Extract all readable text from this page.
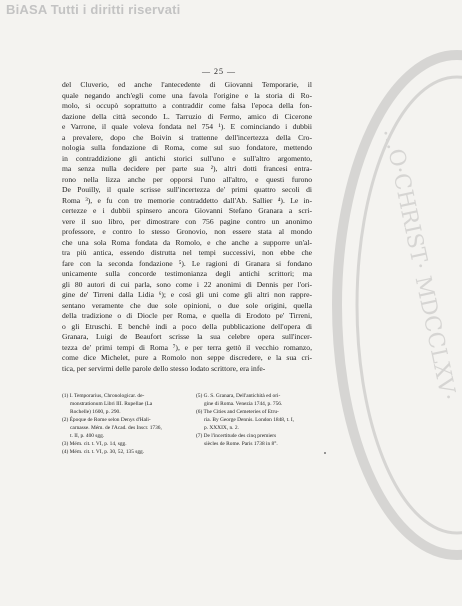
BiASA Tutti i diritti riservati
...O·CHRIST· MDCCLXV·
— 25 —
del Cluverio, ed anche l'antecedente di Giovanni Temporarie, il
quale negando anch'egli come una favola l'origine e la storia di Ro-
molo, si occupò soprattutto a contraddir come falsa l'epoca della fon-
dazione della città secondo L. Tarruzio di Fermo, amico di Cicerone
e Varrone, il quale voleva fondata nel 754 ¹). E cominciando i dubbii
a prevalere, dopo che Boivin si trattenne dell'incertezza della Cro-
nologia sulla fondazione di Roma, come sul suo fondatore, mettendo
in contraddizione gli antichi storici sull'uno e sull'altro argomento,
ma senza nulla decidere per parte sua ²), altri dotti francesi entra-
rono nella lizza anche per opporsi l'uno all'altro, e questi furono
De Pouilly, il quale scrisse sull'incertezza de' primi quattro secoli di
Roma ³), e fu con tre memorie contraddetto dall'Ab. Sallier ⁴). Le in-
certezze e i dubbii spinsero ancora Giovanni Stefano Granara a scri-
vere il suo libro, per dimostrare con 756 pagine contro un anonimo
professore, e contro lo stesso Gronovio, non essere stata al mondo
che una sola Roma fondata da Romolo, e che anche a supporre un'al-
tra più antica, essendo distrutta nel tempi successivi, non ebbe che
fare con la seconda fondazione ⁵). Le ragioni di Granara si fondano
unicamente sulla concorde testimonianza degli antichi scrittori; ma
gli 80 autori di cui parla, sono come i 22 anonimi di Dennis per l'ori-
gine de' Tirreni dalla Lidia ⁶); e così gli uni come gli altri non rappre-
sentano veramente che due sole opinioni, o due sole origini, quella
della tradizione o di Diocle per Roma, e quella di Erodoto pe' Tirreni,
o gli Etruschi. E benchè indi a poco della pubblicazione dell'opera di
Granara, Luigi de Beaufort scrisse la sua celebre opera sull'incer-
tezza de' primi tempi di Roma ⁷), e per terra gettò il vecchio romanzo,
come dice Michelet, pure a Romolo non seppe discredere, e la sua cri-
tica, per servirmi delle parole dello stesso lodato scrittore, era infe-
(1) I. Temporarius, Chronologicar. de-
monstrationum Libri III. Rupellae (La
Rochelle) 1600, p. 290.
(2) Époque de Rome selon Denys d'Hali-
carnasse. Mém. de l'Acad. des Inscr. 1736,
t. II, p. 400 sgg.
(3) Mém. cit. t. VI, p. 14, sgg.
(4) Mém. cit. t. VI, p. 30, 52, 135 sgg.
(5) G. S. Granara, Dell'antichità ed ori-
gine di Roma. Venezia 1744, p. 756.
(6) The Cities and Cemeteries of Etru-
ria. By George Dennis. London 1848, t. I,
p. XXXIX, n. 2.
(7) De l'incertitude des cinq premiers
siècles de Rome. Paris 1738 in 8°.
